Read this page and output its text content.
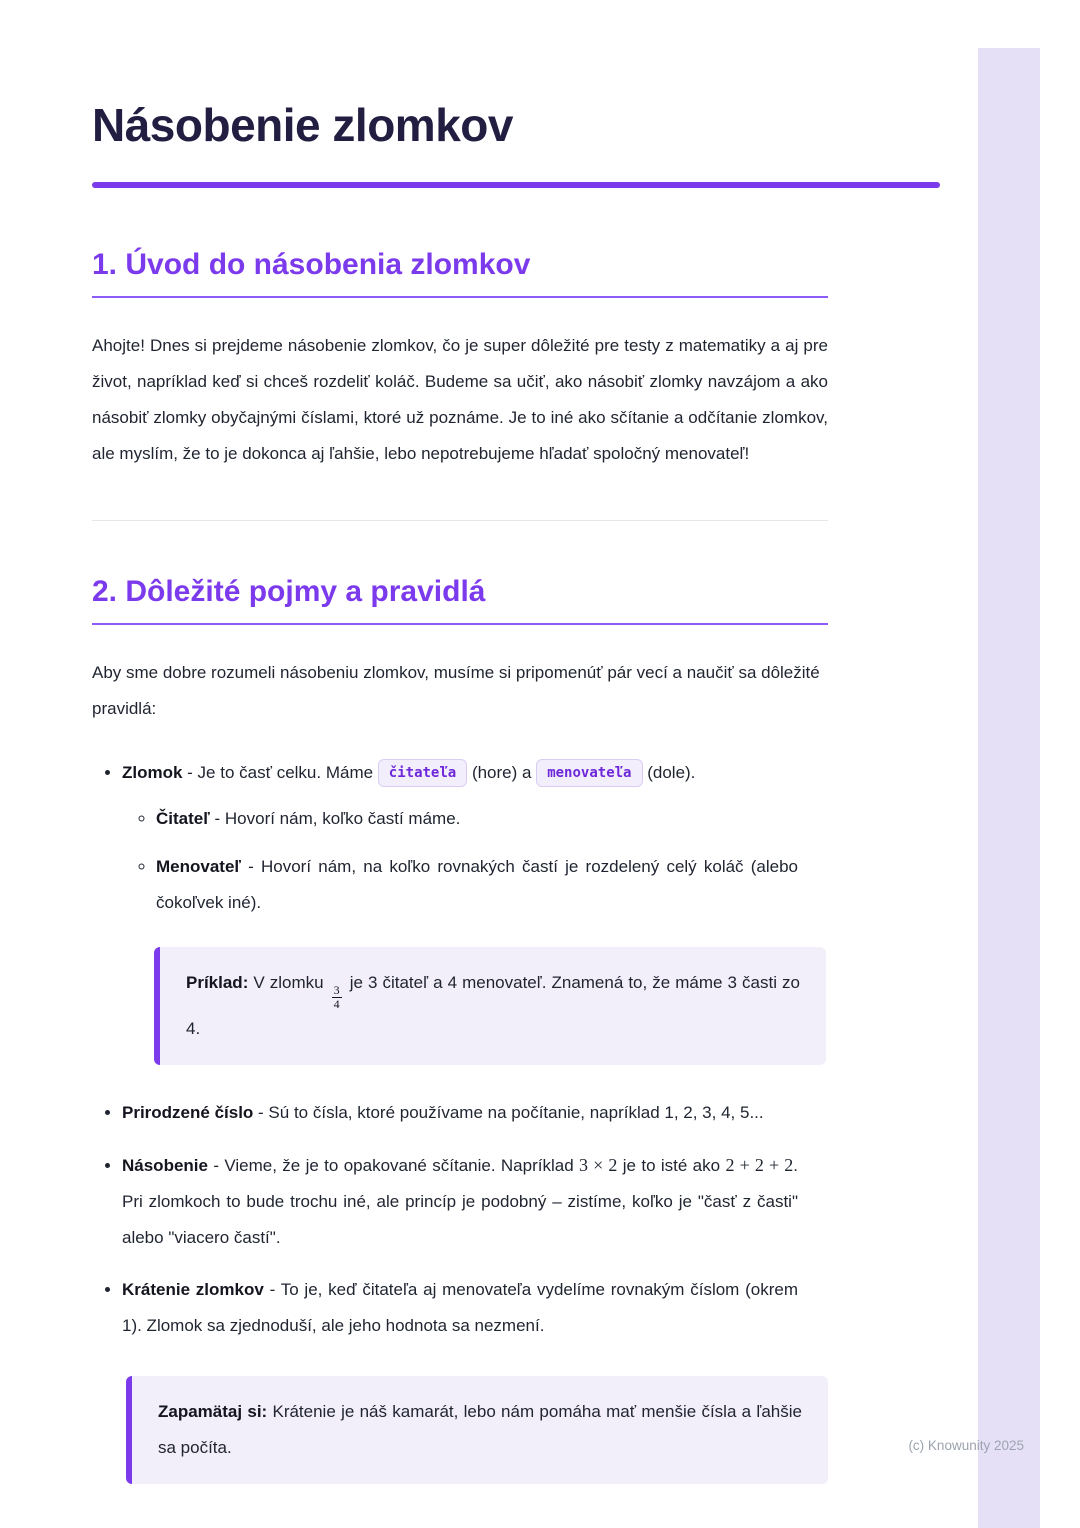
Násobenie zlomkov
1. Úvod do násobenia zlomkov

Ahojte! Dnes si prejdeme násobenie zlomkov, čo je super dôležité pre testy z matematiky a aj pre život, napríklad keď si chceš rozdeliť koláč. Budeme sa učiť, ako násobiť zlomky navzájom a ako násobiť zlomky obyčajnými číslami, ktoré už poznáme. Je to iné ako sčítanie a odčítanie zlomkov, ale myslím, že to je dokonca aj ľahšie, lebo nepotrebujeme hľadať spoločný menovateľ!

2. Dôležité pojmy a pravidlá

Aby sme dobre rozumeli násobeniu zlomkov, musíme si pripomenúť pár vecí a naučiť sa dôležité pravidlá:

• Zlomok - Je to časť celku. Máme čitateľa (hore) a menovateľa (dole).
◦ Čitateľ - Hovorí nám, koľko častí máme.
◦ Menovateľ - Hovorí nám, na koľko rovnakých častí je rozdelený celý koláč (alebo čokoľvek iné).
Príklad: V zlomku
$\frac{3}{4}$
je 3 čitateľ a 4 menovateľ. Znamená to, že máme 3 časti zo 4.
• Prirodzené číslo - Sú to čísla, ktoré používame na počítanie, napríklad 1, 2, 3, 4, 5...
• Násobenie - Vieme, že je to opakované sčítanie. Napríklad 3 × 2 je to isté ako 2 + 2 + 2. Pri zlomkoch to bude trochu iné, ale princíp je podobný – zistíme, koľko je "časť z časti" alebo "viacero častí".
• Krátenie zlomkov - To je, keď čitateľa aj menovateľa vydelíme rovnakým číslom (okrem 1). Zlomok sa zjednoduší, ale jeho hodnota sa nezmení.
Zapamätaj si: Krátenie je náš kamarát, lebo nám pomáha mať menšie čísla a ľahšie sa počíta.	(c) Knowunity 2025
